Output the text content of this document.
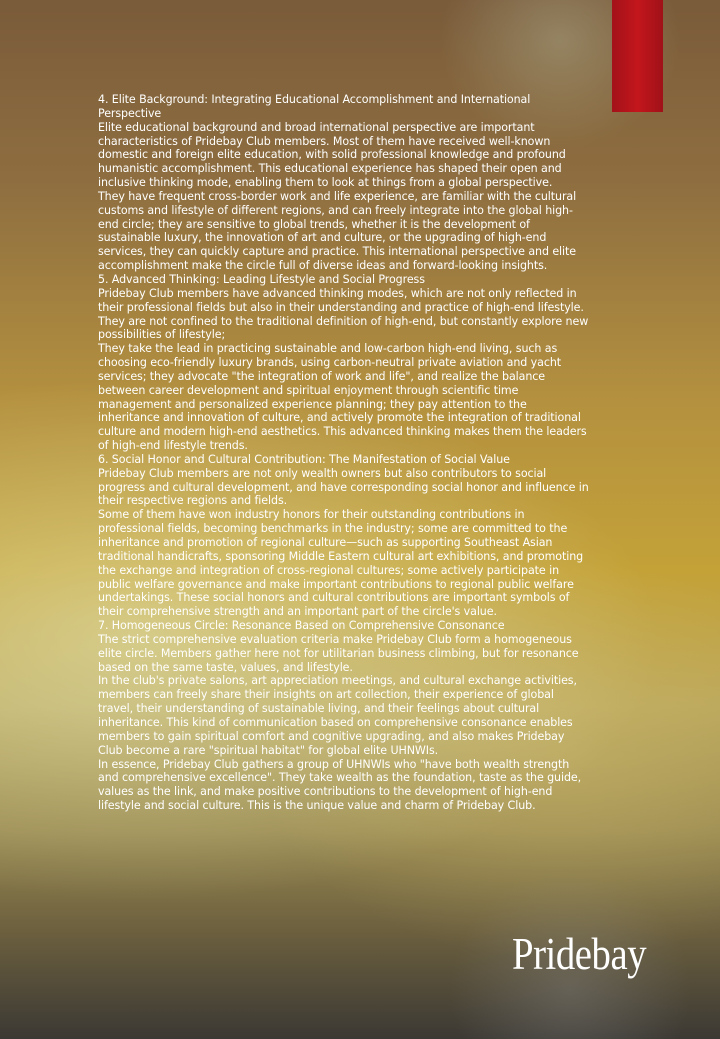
4. Elite Background: Integrating Educational Accomplishment and International Perspective

Elite educational background and broad international perspective are important characteristics of Pridebay Club members. Most of them have received well-known domestic and foreign elite education, with solid professional knowledge and profound humanistic accomplishment. This educational experience has shaped their open and inclusive thinking mode, enabling them to look at things from a global perspective.

They have frequent cross-border work and life experience, are familiar with the cultural customs and lifestyle of different regions, and can freely integrate into the global high-end circle; they are sensitive to global trends, whether it is the development of sustainable luxury, the innovation of art and culture, or the upgrading of high-end services, they can quickly capture and practice. This international perspective and elite accomplishment make the circle full of diverse ideas and forward-looking insights.

5. Advanced Thinking: Leading Lifestyle and Social Progress

Pridebay Club members have advanced thinking modes, which are not only reflected in their professional fields but also in their understanding and practice of high-end lifestyle. They are not confined to the traditional definition of high-end, but constantly explore new possibilities of lifestyle;

They take the lead in practicing sustainable and low-carbon high-end living, such as choosing eco-friendly luxury brands, using carbon-neutral private aviation and yacht services; they advocate "the integration of work and life", and realize the balance between career development and spiritual enjoyment through scientific time management and personalized experience planning; they pay attention to the inheritance and innovation of culture, and actively promote the integration of traditional culture and modern high-end aesthetics. This advanced thinking makes them the leaders of high-end lifestyle trends.

6. Social Honor and Cultural Contribution: The Manifestation of Social Value

Pridebay Club members are not only wealth owners but also contributors to social progress and cultural development, and have corresponding social honor and influence in their respective regions and fields.

Some of them have won industry honors for their outstanding contributions in professional fields, becoming benchmarks in the industry; some are committed to the inheritance and promotion of regional culture—such as supporting Southeast Asian traditional handicrafts, sponsoring Middle Eastern cultural art exhibitions, and promoting the exchange and integration of cross-regional cultures; some actively participate in public welfare governance and make important contributions to regional public welfare undertakings. These social honors and cultural contributions are important symbols of their comprehensive strength and an important part of the circle's value.

7. Homogeneous Circle: Resonance Based on Comprehensive Consonance

The strict comprehensive evaluation criteria make Pridebay Club form a homogeneous elite circle. Members gather here not for utilitarian business climbing, but for resonance based on the same taste, values, and lifestyle.

In the club's private salons, art appreciation meetings, and cultural exchange activities, members can freely share their insights on art collection, their experience of global travel, their understanding of sustainable living, and their feelings about cultural inheritance. This kind of communication based on comprehensive consonance enables members to gain spiritual comfort and cognitive upgrading, and also makes Pridebay Club become a rare "spiritual habitat" for global elite UHNWIs.

In essence, Pridebay Club gathers a group of UHNWIs who "have both wealth strength and comprehensive excellence". They take wealth as the foundation, taste as the guide, values as the link, and make positive contributions to the development of high-end lifestyle and social culture. This is the unique value and charm of Pridebay Club.

Pridebay
